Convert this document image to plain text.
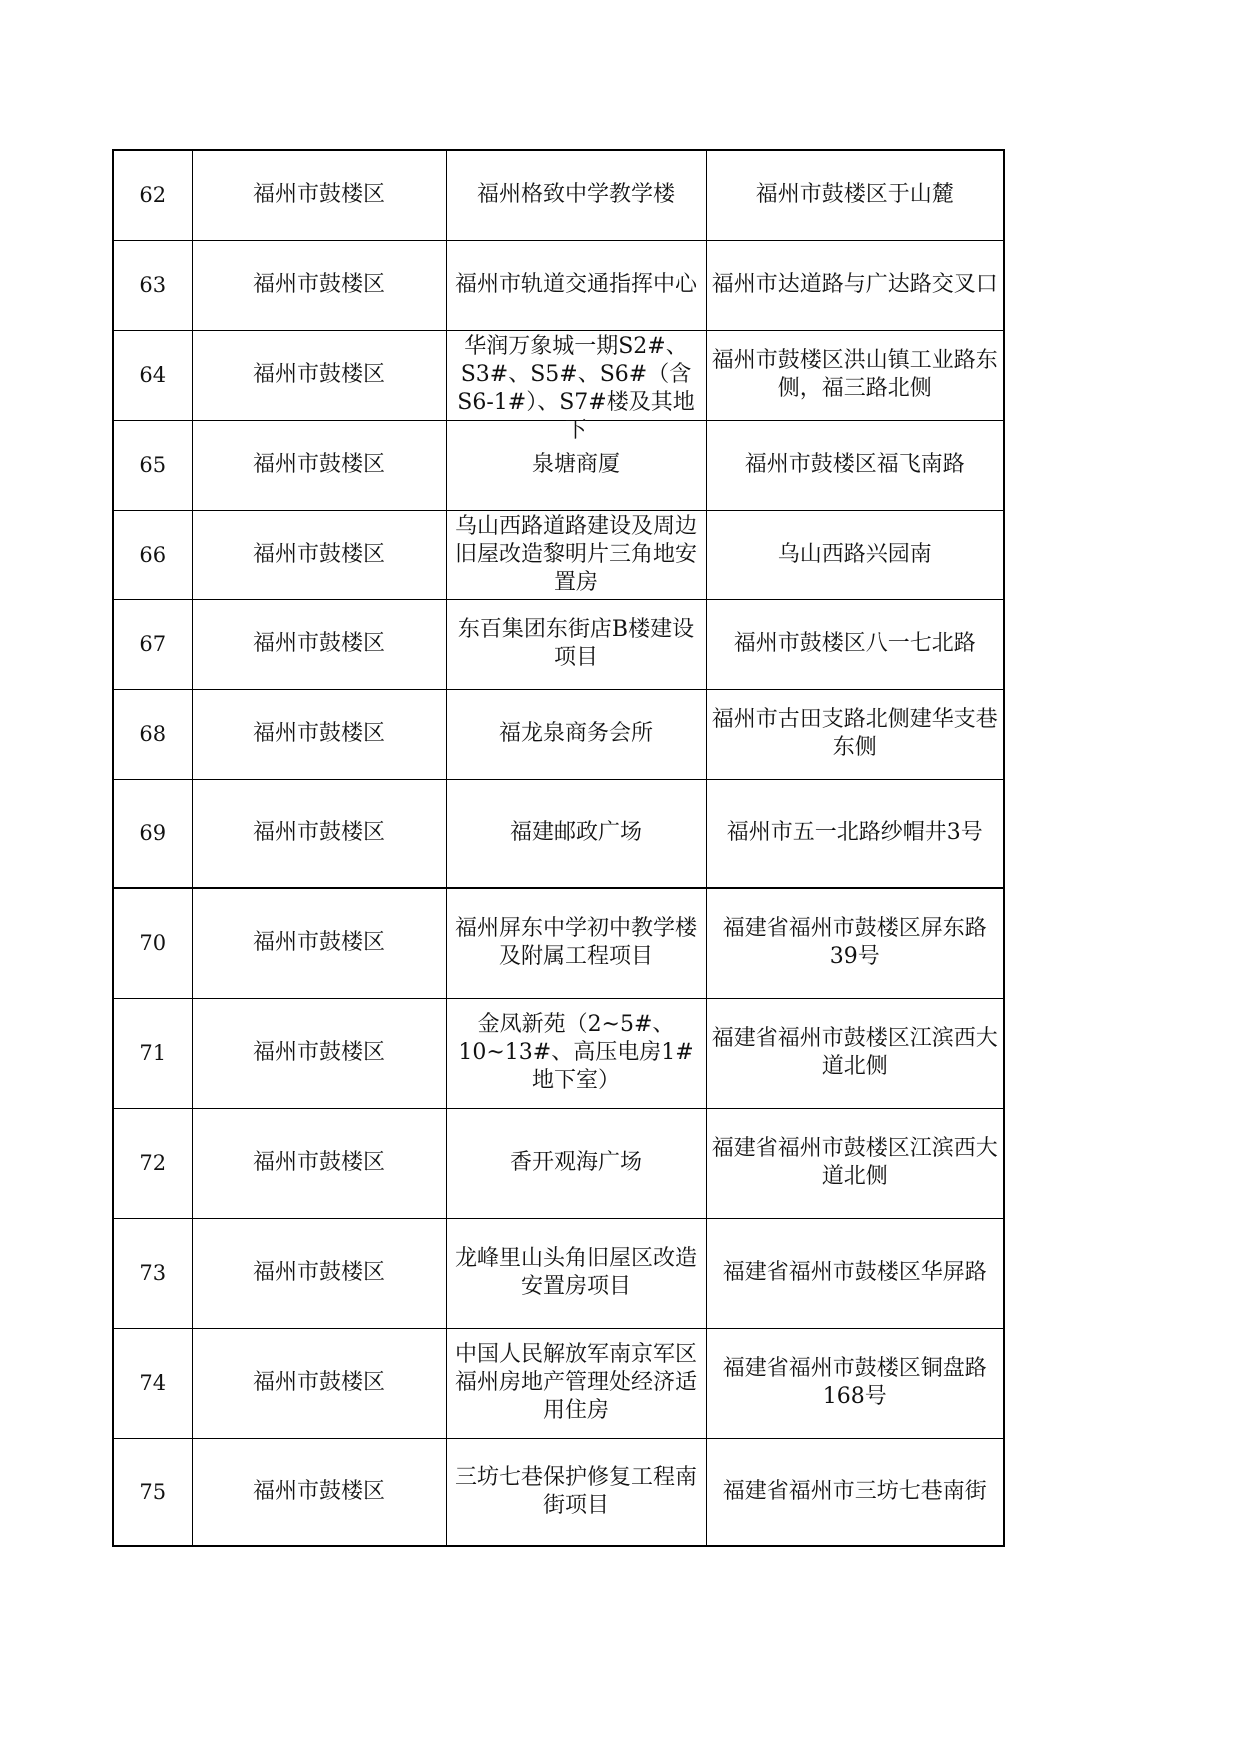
62	福州市鼓楼区	福州格致中学教学楼	福州市鼓楼区于山麓
63	福州市鼓楼区	福州市轨道交通指挥中心	福州市达道路与广达路交叉口
64	福州市鼓楼区	华润万象城一期S2#、S3#、S5#、S6#（含S6-1#）、S7#楼及其地下	福州市鼓楼区洪山镇工业路东侧，福三路北侧
65	福州市鼓楼区	泉塘商厦	福州市鼓楼区福飞南路
66	福州市鼓楼区	乌山西路道路建设及周边旧屋改造黎明片三角地安置房	乌山西路兴园南
67	福州市鼓楼区	东百集团东街店B楼建设项目	福州市鼓楼区八一七北路
68	福州市鼓楼区	福龙泉商务会所	福州市古田支路北侧建华支巷东侧
69	福州市鼓楼区	福建邮政广场	福州市五一北路纱帽井3号
70	福州市鼓楼区	福州屏东中学初中教学楼及附属工程项目	福建省福州市鼓楼区屏东路39号
71	福州市鼓楼区	金凤新苑（2~5#、10~13#、高压电房1#地下室）	福建省福州市鼓楼区江滨西大道北侧
72	福州市鼓楼区	香开观海广场	福建省福州市鼓楼区江滨西大道北侧
73	福州市鼓楼区	龙峰里山头角旧屋区改造安置房项目	福建省福州市鼓楼区华屏路
74	福州市鼓楼区	中国人民解放军南京军区福州房地产管理处经济适用住房	福建省福州市鼓楼区铜盘路168号
75	福州市鼓楼区	三坊七巷保护修复工程南街项目	福建省福州市三坊七巷南街
